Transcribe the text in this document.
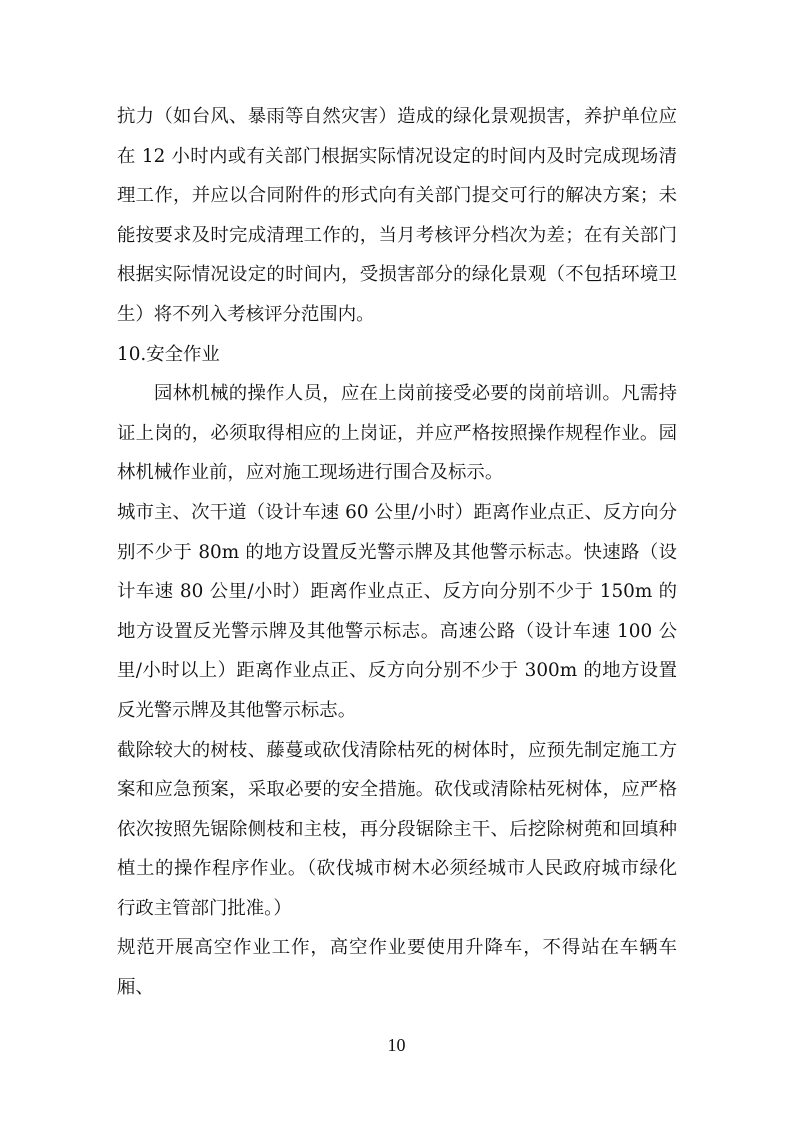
抗力（如台风、暴雨等自然灾害）造成的绿化景观损害，养护单位应在 12 小时内或有关部门根据实际情况设定的时间内及时完成现场清理工作，并应以合同附件的形式向有关部门提交可行的解决方案；未能按要求及时完成清理工作的，当月考核评分档次为差；在有关部门根据实际情况设定的时间内，受损害部分的绿化景观（不包括环境卫生）将不列入考核评分范围内。

10.安全作业

园林机械的操作人员，应在上岗前接受必要的岗前培训。凡需持证上岗的，必须取得相应的上岗证，并应严格按照操作规程作业。园林机械作业前，应对施工现场进行围合及标示。

城市主、次干道（设计车速 60 公里/小时）距离作业点正、反方向分别不少于 80m 的地方设置反光警示牌及其他警示标志。快速路（设计车速 80 公里/小时）距离作业点正、反方向分别不少于 150m 的地方设置反光警示牌及其他警示标志。高速公路（设计车速 100 公里/小时以上）距离作业点正、反方向分别不少于 300m 的地方设置反光警示牌及其他警示标志。

截除较大的树枝、藤蔓或砍伐清除枯死的树体时，应预先制定施工方案和应急预案，采取必要的安全措施。砍伐或清除枯死树体，应严格依次按照先锯除侧枝和主枝，再分段锯除主干、后挖除树蔸和回填种植土的操作程序作业。（砍伐城市树木必须经城市人民政府城市绿化行政主管部门批准。）

规范开展高空作业工作，高空作业要使用升降车，不得站在车辆车厢、

10
